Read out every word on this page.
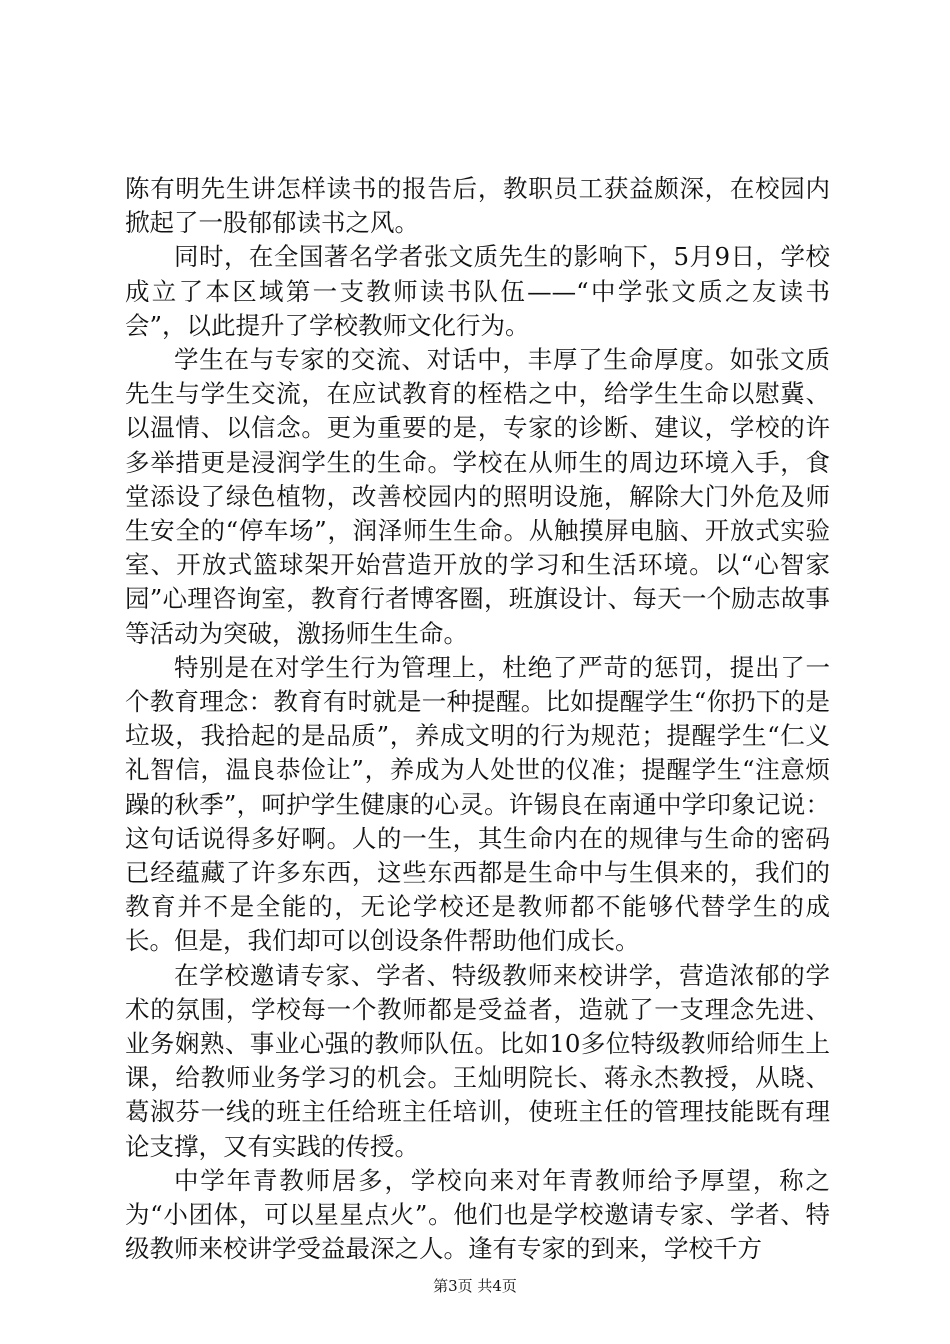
陈有明先生讲怎样读书的报告后，教职员工获益颇深，在校园内掀起了一股郁郁读书之风。

同时，在全国著名学者张文质先生的影响下，5月9日，学校成立了本区域第一支教师读书队伍——“中学张文质之友读书会”，以此提升了学校教师文化行为。

学生在与专家的交流、对话中，丰厚了生命厚度。如张文质先生与学生交流，在应试教育的桎梏之中，给学生生命以慰冀、以温情、以信念。更为重要的是，专家的诊断、建议，学校的许多举措更是浸润学生的生命。学校在从师生的周边环境入手，食堂添设了绿色植物，改善校园内的照明设施，解除大门外危及师生安全的“停车场”，润泽师生生命。从触摸屏电脑、开放式实验室、开放式篮球架开始营造开放的学习和生活环境。以“心智家园”心理咨询室，教育行者博客圈，班旗设计、每天一个励志故事等活动为突破，激扬师生生命。

特别是在对学生行为管理上，杜绝了严苛的惩罚，提出了一个教育理念：教育有时就是一种提醒。比如提醒学生“你扔下的是垃圾，我拾起的是品质”，养成文明的行为规范；提醒学生“仁义礼智信，温良恭俭让”，养成为人处世的仪准；提醒学生“注意烦躁的秋季”，呵护学生健康的心灵。许锡良在南通中学印象记说：这句话说得多好啊。人的一生，其生命内在的规律与生命的密码已经蕴藏了许多东西，这些东西都是生命中与生俱来的，我们的教育并不是全能的，无论学校还是教师都不能够代替学生的成长。但是，我们却可以创设条件帮助他们成长。

在学校邀请专家、学者、特级教师来校讲学，营造浓郁的学术的氛围，学校每一个教师都是受益者，造就了一支理念先进、业务娴熟、事业心强的教师队伍。比如10多位特级教师给师生上课，给教师业务学习的机会。王灿明院长、蒋永杰教授，从晓、葛淑芬一线的班主任给班主任培训，使班主任的管理技能既有理论支撑，又有实践的传授。

中学年青教师居多，学校向来对年青教师给予厚望，称之为“小团体，可以星星点火”。他们也是学校邀请专家、学者、特级教师来校讲学受益最深之人。逢有专家的到来，学校千方

第3页 共4页
